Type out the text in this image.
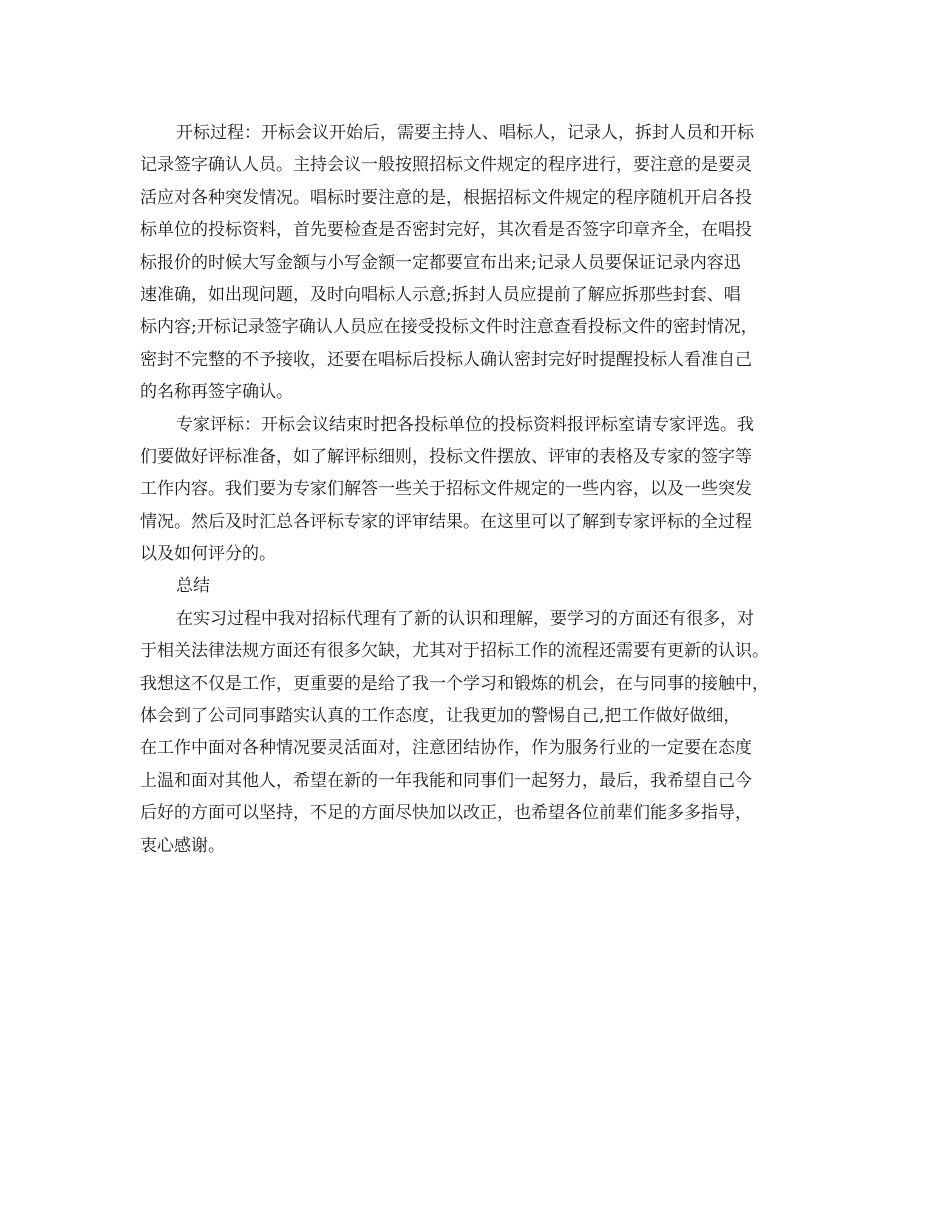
开标过程：开标会议开始后，需要主持人、唱标人，记录人，拆封人员和开标
记录签字确认人员。主持会议一般按照招标文件规定的程序进行，要注意的是要灵
活应对各种突发情况。唱标时要注意的是，根据招标文件规定的程序随机开启各投
标单位的投标资料，首先要检查是否密封完好，其次看是否签字印章齐全，在唱投
标报价的时候大写金额与小写金额一定都要宣布出来;记录人员要保证记录内容迅
速准确，如出现问题，及时向唱标人示意;拆封人员应提前了解应拆那些封套、唱
标内容;开标记录签字确认人员应在接受投标文件时注意查看投标文件的密封情况，
密封不完整的不予接收，还要在唱标后投标人确认密封完好时提醒投标人看准自己
的名称再签字确认。
专家评标：开标会议结束时把各投标单位的投标资料报评标室请专家评选。我
们要做好评标准备，如了解评标细则，投标文件摆放、评审的表格及专家的签字等
工作内容。我们要为专家们解答一些关于招标文件规定的一些内容，以及一些突发
情况。然后及时汇总各评标专家的评审结果。在这里可以了解到专家评标的全过程
以及如何评分的。
总结
在实习过程中我对招标代理有了新的认识和理解，要学习的方面还有很多，对
于相关法律法规方面还有很多欠缺，尤其对于招标工作的流程还需要有更新的认识。
我想这不仅是工作，更重要的是给了我一个学习和锻炼的机会，在与同事的接触中，
体会到了公司同事踏实认真的工作态度，让我更加的警惕自己,把工作做好做细，
在工作中面对各种情况要灵活面对，注意团结协作，作为服务行业的一定要在态度
上温和面对其他人，希望在新的一年我能和同事们一起努力，最后，我希望自己今
后好的方面可以坚持，不足的方面尽快加以改正，也希望各位前辈们能多多指导，
衷心感谢。
